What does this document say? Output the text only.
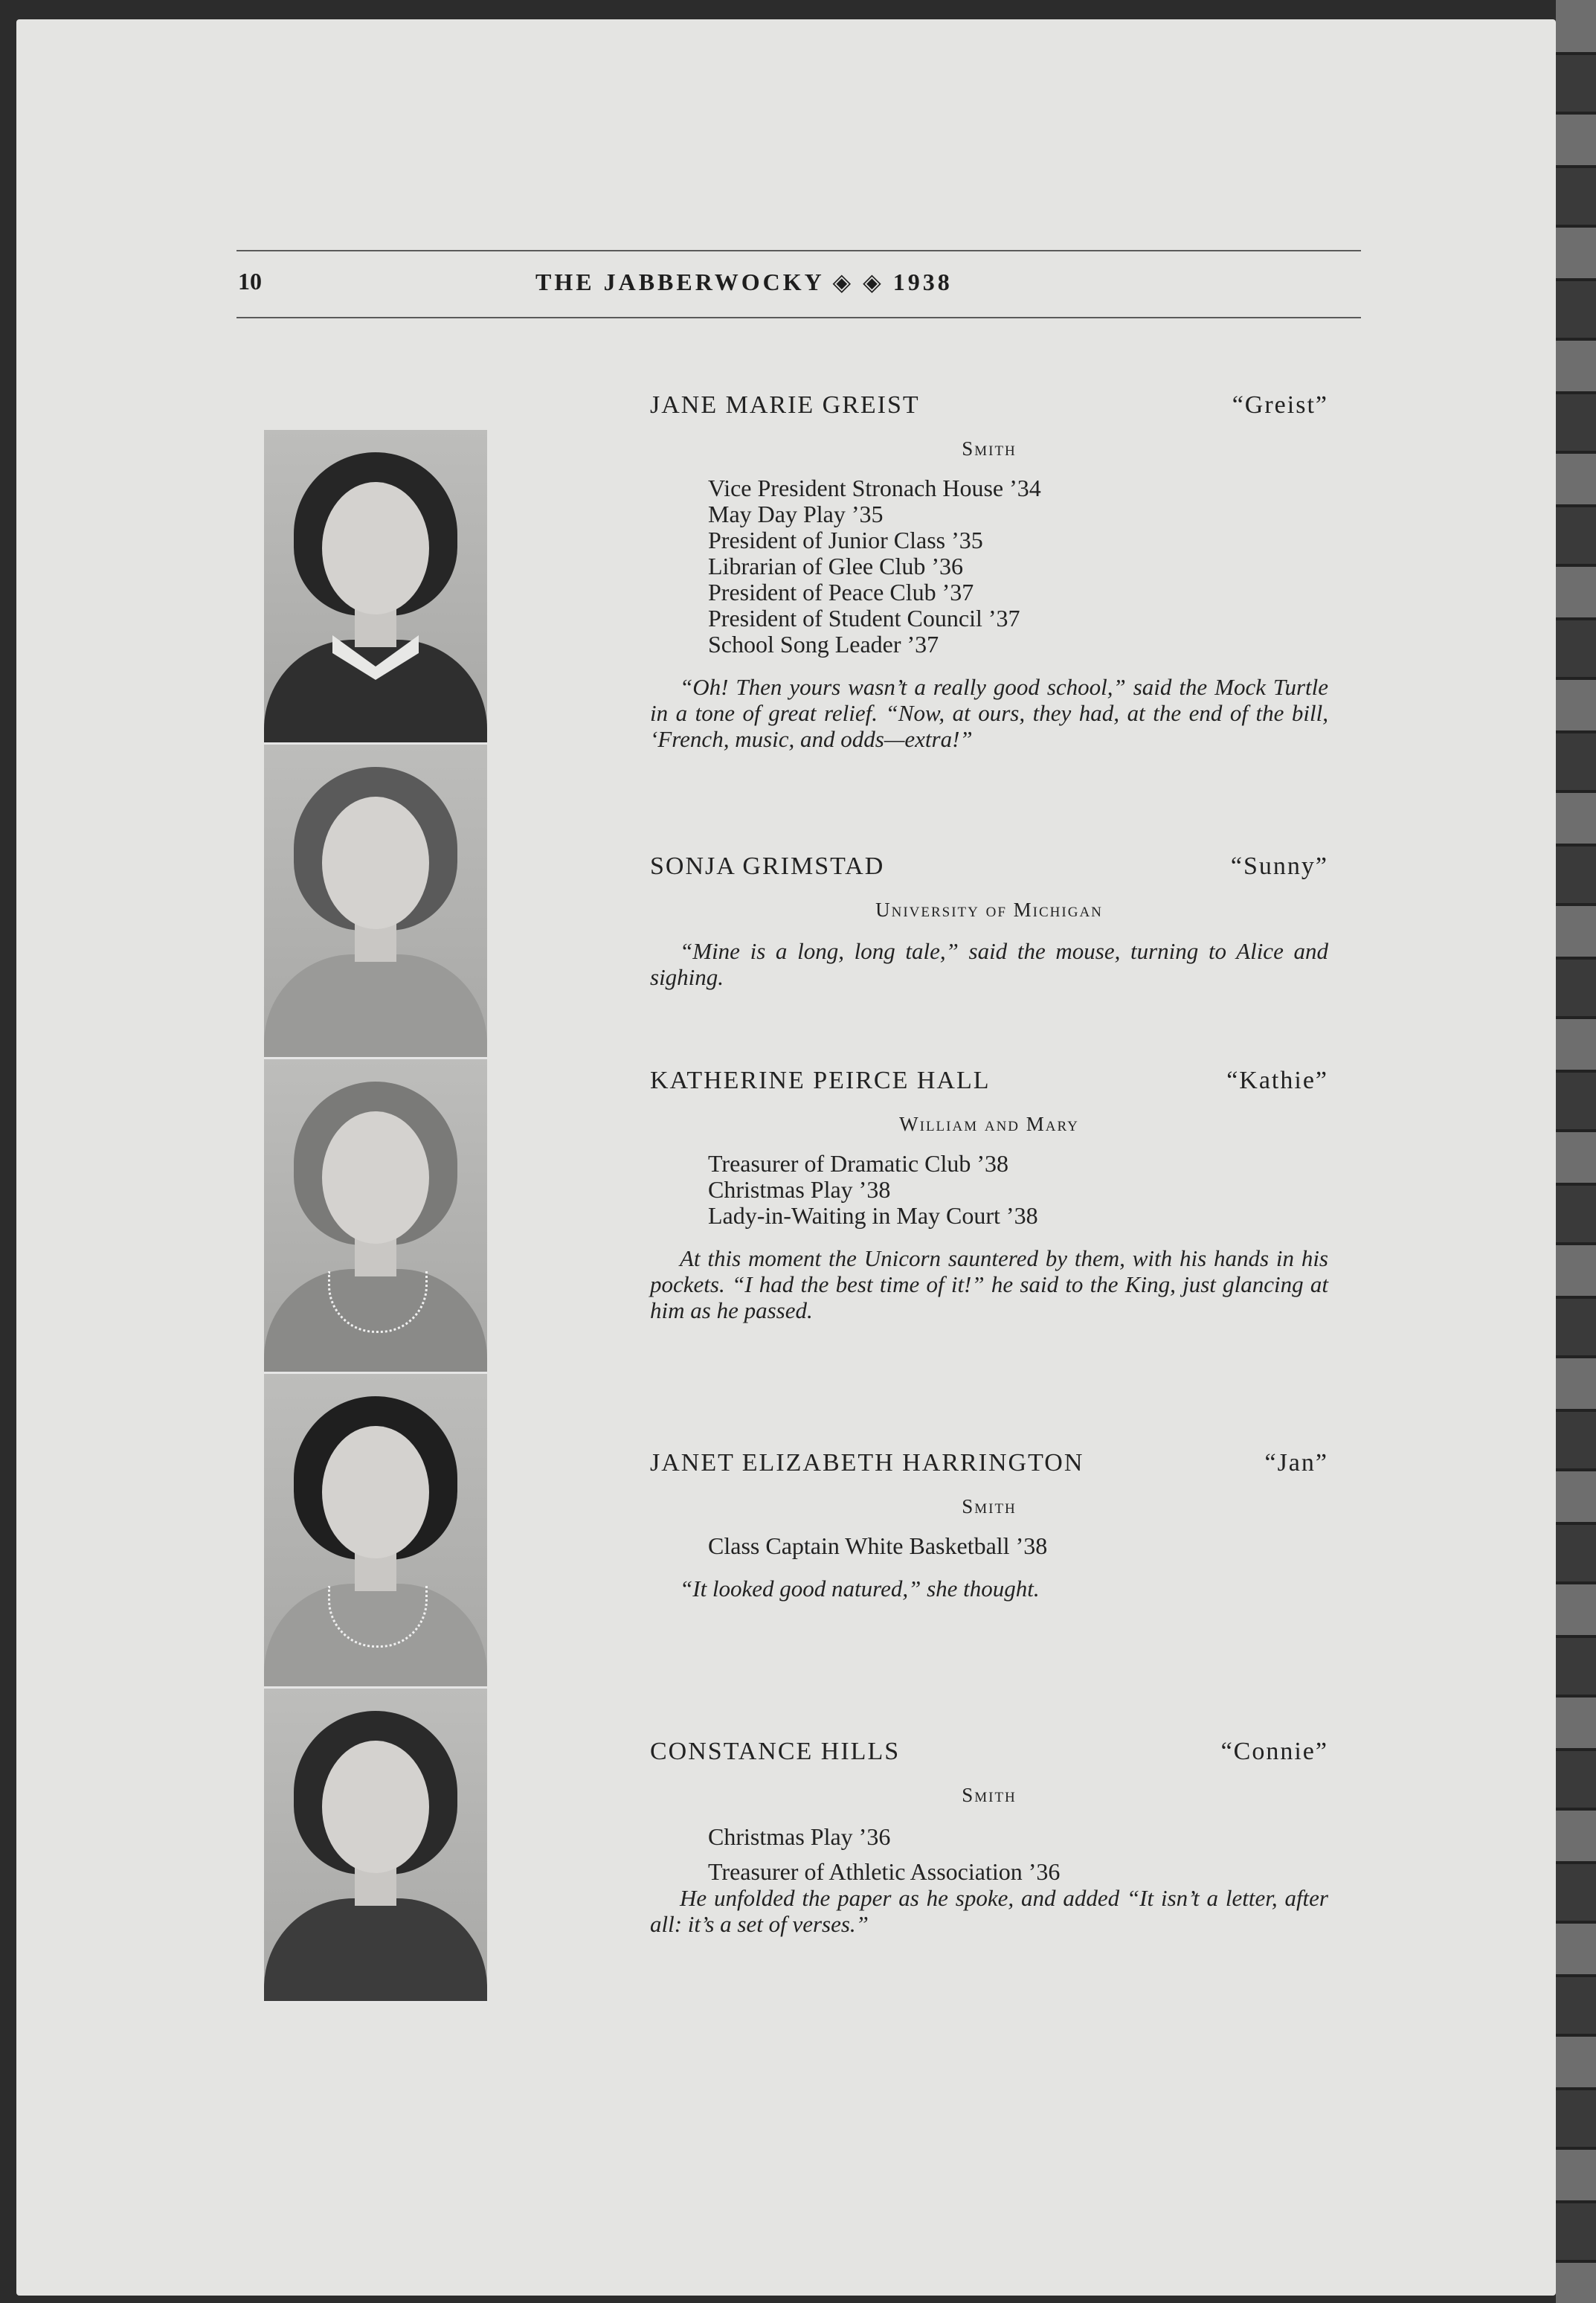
10	THE JABBERWOCKY ◈ ◈ 1938
JANE MARIE GREIST	“Greist”
Smith
Vice President Stronach House ’34
May Day Play ’35
President of Junior Class ’35
Librarian of Glee Club ’36
President of Peace Club ’37
President of Student Council ’37
School Song Leader ’37
“Oh! Then yours wasn’t a really good school,” said the Mock Turtle in a tone of great relief. “Now, at ours, they had, at the end of the bill, ‘French, music, and odds—extra!”
SONJA GRIMSTAD	“Sunny”
University of Michigan
“Mine is a long, long tale,” said the mouse, turning to Alice and sighing.
KATHERINE PEIRCE HALL	“Kathie”
William and Mary
Treasurer of Dramatic Club ’38
Christmas Play ’38
Lady-in-Waiting in May Court ’38
At this moment the Unicorn sauntered by them, with his hands in his pockets. “I had the best time of it!” he said to the King, just glancing at him as he passed.
JANET ELIZABETH HARRINGTON	“Jan”
Smith
Class Captain White Basketball ’38
“It looked good natured,” she thought.
CONSTANCE HILLS	“Connie”
Smith
Christmas Play ’36
Treasurer of Athletic Association ’36
He unfolded the paper as he spoke, and added “It isn’t a letter, after all: it’s a set of verses.”
